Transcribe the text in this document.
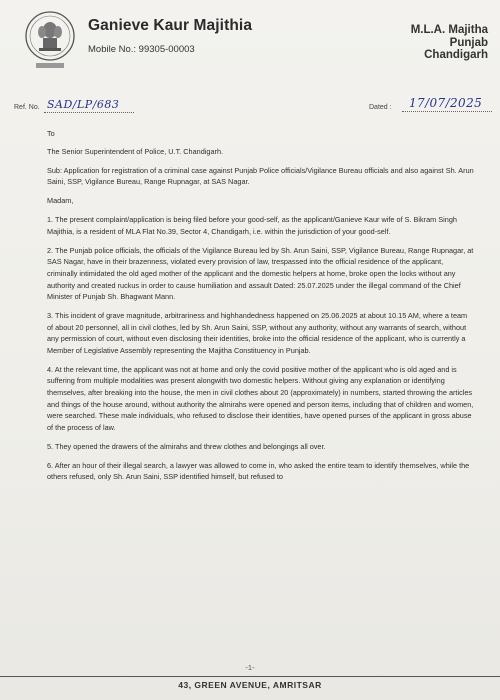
Ganieve Kaur Majithia
Mobile No.: 99305-00003
M.L.A. Majitha
Punjab
Chandigarh
Ref. No. SAD/LP/683	Dated : 17/07/2025

To

The Senior Superintendent of Police, U.T. Chandigarh.

Sub: Application for registration of a criminal case against Punjab Police officials/Vigilance Bureau officials and also against Sh. Arun Saini, SSP, Vigilance Bureau, Range Rupnagar, at SAS Nagar.

Madam,

1. The present complaint/application is being filed before your good-self, as the applicant/Ganieve Kaur wife of S. Bikram Singh Majithia, is a resident of MLA Flat No.39, Sector 4, Chandigarh, i.e. within the jurisdiction of your good-self.

2. The Punjab police officials, the officials of the Vigilance Bureau led by Sh. Arun Saini, SSP, Vigilance Bureau, Range Rupnagar, at SAS Nagar, have in their brazenness, violated every provision of law, trespassed into the official residence of the applicant, criminally intimidated the old aged mother of the applicant and the domestic helpers at home, broke open the locks without any authority and created ruckus in order to cause humiliation and assault Dated: 25.07.2025 under the illegal command of the Chief Minister of Punjab Sh. Bhagwant Mann.

3. This incident of grave magnitude, arbitrariness and highhandedness happened on 25.06.2025 at about 10.15 AM, where a team of about 20 personnel, all in civil clothes, led by Sh. Arun Saini, SSP, without any authority, without any warrants of search, without any permission of court, without even disclosing their identities, broke into the official residence of the applicant, who is currently a Member of Legislative Assembly representing the Majitha Constituency in Punjab.

4. At the relevant time, the applicant was not at home and only the covid positive mother of the applicant who is old aged and is suffering from multiple modalities was present alongwith two domestic helpers. Without giving any explanation or identifying themselves, after breaking into the house, the men in civil clothes about 20 (approximately) in numbers, started throwing the articles and things of the house around, without authority the almirahs were opened and person items, including that of children and women, were searched. These male individuals, who refused to disclose their identities, have opened purses of the applicant in gross abuse of the process of law.

5. They opened the drawers of the almirahs and threw clothes and belongings all over.

6. After an hour of their illegal search, a lawyer was allowed to come in, who asked the entire team to identify themselves, while the others refused, only Sh. Arun Saini, SSP identified himself, but refused to

-1-
43, GREEN AVENUE, AMRITSAR
